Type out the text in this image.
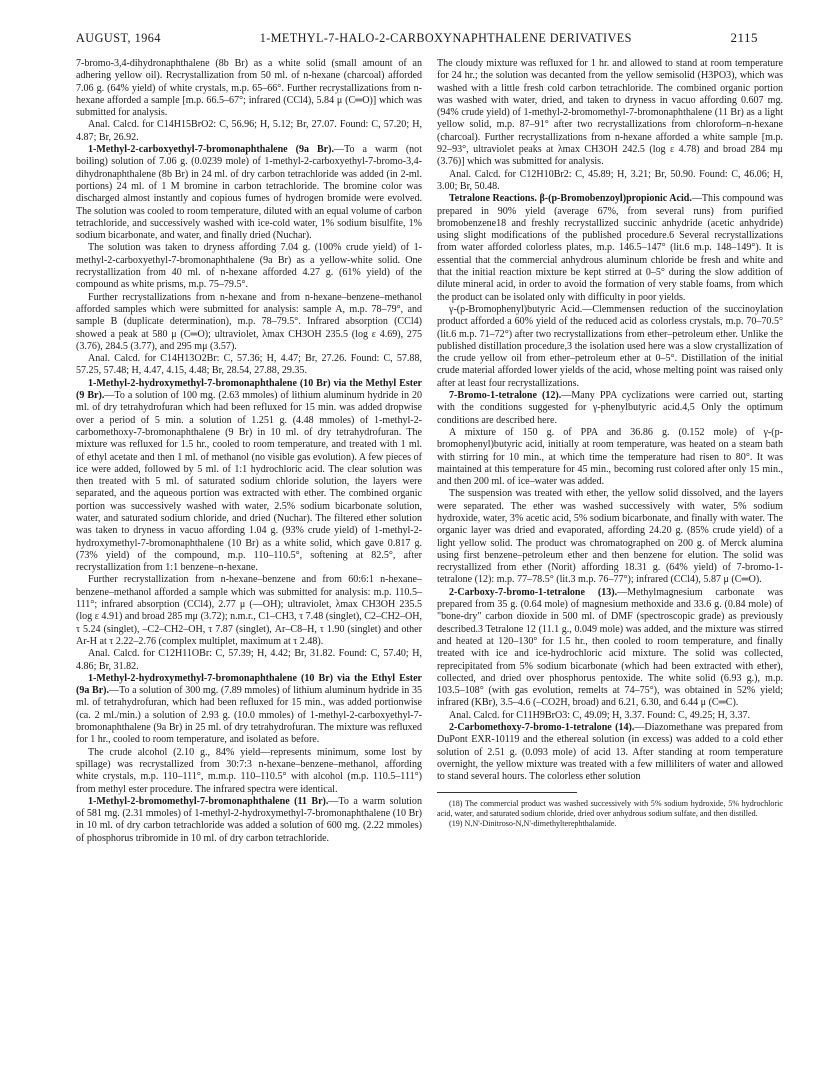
AUGUST, 1964	1-METHYL-7-HALO-2-CARBOXYNAPHTHALENE DERIVATIVES	2115

7-bromo-3,4-dihydronaphthalene (8b Br) as a white solid (small amount of an adhering yellow oil). Recrystallization from 50 ml. of n-hexane (charcoal) afforded 7.06 g. (64% yield) of white crystals, m.p. 65–66°. Further recrystallizations from n-hexane afforded a sample [m.p. 66.5–67°; infrared (CCl4), 5.84 μ (C═O)] which was submitted for analysis.

Anal. Calcd. for C14H15BrO2: C, 56.96; H, 5.12; Br, 27.07. Found: C, 57.20; H, 4.87; Br, 26.92.

1-Methyl-2-carboxyethyl-7-bromonaphthalene (9a Br).—To a warm (not boiling) solution of 7.06 g. (0.0239 mole) of 1-methyl-2-carboxyethyl-7-bromo-3,4-dihydronaphthalene (8b Br) in 24 ml. of dry carbon tetrachloride was added (in 2-ml. portions) 24 ml. of 1 M bromine in carbon tetrachloride. The bromine color was discharged almost instantly and copious fumes of hydrogen bromide were evolved. The solution was cooled to room temperature, diluted with an equal volume of carbon tetrachloride, and successively washed with ice-cold water, 1% sodium bisulfite, 1% sodium bicarbonate, and water, and finally dried (Nuchar).

The solution was taken to dryness affording 7.04 g. (100% crude yield) of 1-methyl-2-carboxyethyl-7-bromonaphthalene (9a Br) as a yellow-white solid. One recrystallization from 40 ml. of n-hexane afforded 4.27 g. (61% yield) of the compound as white prisms, m.p. 75–79.5°.

Further recrystallizations from n-hexane and from n-hexane–benzene–methanol afforded samples which were submitted for analysis: sample A, m.p. 78–79°, and sample B (duplicate determination), m.p. 78–79.5°. Infrared absorption (CCl4) showed a peak at 580 μ (C═O); ultraviolet, λmax CH3OH 235.5 (log ε 4.69), 275 (3.76), 284.5 (3.77), and 295 mμ (3.57).

Anal. Calcd. for C14H13O2Br: C, 57.36; H, 4.47; Br, 27.26. Found: C, 57.88, 57.25, 57.48; H, 4.47, 4.15, 4.48; Br, 28.54, 27.88, 29.35.

1-Methyl-2-hydroxymethyl-7-bromonaphthalene (10 Br) via the Methyl Ester (9 Br).—To a solution of 100 mg. (2.63 mmoles) of lithium aluminum hydride in 20 ml. of dry tetrahydrofuran which had been refluxed for 15 min. was added dropwise over a period of 5 min. a solution of 1.251 g. (4.48 mmoles) of 1-methyl-2-carbomethoxy-7-bromonaphthalene (9 Br) in 10 ml. of dry tetrahydrofuran. The mixture was refluxed for 1.5 hr., cooled to room temperature, and treated with 1 ml. of ethyl acetate and then 1 ml. of methanol (no visible gas evolution). A few pieces of ice were added, followed by 5 ml. of 1:1 hydrochloric acid. The clear solution was then treated with 5 ml. of saturated sodium chloride solution, the layers were separated, and the aqueous portion was extracted with ether. The combined organic portion was successively washed with water, 2.5% sodium bicarbonate solution, water, and saturated sodium chloride, and dried (Nuchar). The filtered ether solution was taken to dryness in vacuo affording 1.04 g. (93% crude yield) of 1-methyl-2-hydroxymethyl-7-bromonaphthalene (10 Br) as a white solid, which gave 0.817 g. (73% yield) of the compound, m.p. 110–110.5°, softening at 82.5°, after recrystallization from 1:1 benzene–n-hexane.

Further recrystallization from n-hexane–benzene and from 60:6:1 n-hexane–benzene–methanol afforded a sample which was submitted for analysis: m.p. 110.5–111°; infrared absorption (CCl4), 2.77 μ (—OH); ultraviolet, λmax CH3OH 235.5 (log ε 4.91) and broad 285 mμ (3.72); n.m.r., C1–CH3, τ 7.48 (singlet), C2–CH2–OH, τ 5.24 (singlet), –C2–CH2–OH, τ 7.87 (singlet), Ar–C8–H, τ 1.90 (singlet) and other Ar-H at τ 2.22–2.76 (complex multiplet, maximum at τ 2.48).

Anal. Calcd. for C12H11OBr: C, 57.39; H, 4.42; Br, 31.82. Found: C, 57.40; H, 4.86; Br, 31.82.

1-Methyl-2-hydroxymethyl-7-bromonaphthalene (10 Br) via the Ethyl Ester (9a Br).—To a solution of 300 mg. (7.89 mmoles) of lithium aluminum hydride in 35 ml. of tetrahydrofuran, which had been refluxed for 15 min., was added portionwise (ca. 2 ml./min.) a solution of 2.93 g. (10.0 mmoles) of 1-methyl-2-carboxyethyl-7-bromonaphthalene (9a Br) in 25 ml. of dry tetrahydrofuran. The mixture was refluxed for 1 hr., cooled to room temperature, and isolated as before.

The crude alcohol (2.10 g., 84% yield—represents minimum, some lost by spillage) was recrystallized from 30:7:3 n-hexane–benzene–methanol, affording white crystals, m.p. 110–111°, m.m.p. 110–110.5° with alcohol (m.p. 110.5–111°) from methyl ester procedure. The infrared spectra were identical.

1-Methyl-2-bromomethyl-7-bromonaphthalene (11 Br).—To a warm solution of 581 mg. (2.31 mmoles) of 1-methyl-2-hydroxymethyl-7-bromonaphthalene (10 Br) in 10 ml. of dry carbon tetrachloride was added a solution of 600 mg. (2.22 mmoles) of phosphorus tribromide in 10 ml. of dry carbon tetrachloride.

The cloudy mixture was refluxed for 1 hr. and allowed to stand at room temperature for 24 hr.; the solution was decanted from the yellow semisolid (H3PO3), which was washed with a little fresh cold carbon tetrachloride. The combined organic portion was washed with water, dried, and taken to dryness in vacuo affording 0.607 mg. (94% crude yield) of 1-methyl-2-bromomethyl-7-bromonaphthalene (11 Br) as a light yellow solid, m.p. 87–91° after two recrystallizations from chloroform–n-hexane (charcoal). Further recrystallizations from n-hexane afforded a white sample [m.p. 92–93°, ultraviolet peaks at λmax CH3OH 242.5 (log ε 4.78) and broad 284 mμ (3.76)] which was submitted for analysis.

Anal. Calcd. for C12H10Br2: C, 45.89; H, 3.21; Br, 50.90. Found: C, 46.06; H, 3.00; Br, 50.48.

Tetralone Reactions. β-(p-Bromobenzoyl)propionic Acid.—This compound was prepared in 90% yield (average 67%, from several runs) from purified bromobenzene18 and freshly recrystallized succinic anhydride (acetic anhydride) using slight modifications of the published procedure.6 Several recrystallizations from water afforded colorless plates, m.p. 146.5–147° (lit.6 m.p. 148–149°). It is essential that the commercial anhydrous aluminum chloride be fresh and white and that the initial reaction mixture be kept stirred at 0–5° during the slow addition of dilute mineral acid, in order to avoid the formation of very stable foams, from which the product can be isolated only with difficulty in poor yields.

γ-(p-Bromophenyl)butyric Acid.—Clemmensen reduction of the succinoylation product afforded a 60% yield of the reduced acid as colorless crystals, m.p. 70–70.5° (lit.6 m.p. 71–72°) after two recrystallizations from ether–petroleum ether. Unlike the published distillation procedure,3 the isolation used here was a slow crystallization of the crude yellow oil from ether–petroleum ether at 0–5°. Distillation of the initial crude material afforded lower yields of the acid, whose melting point was raised only after at least four recrystallizations.

7-Bromo-1-tetralone (12).—Many PPA cyclizations were carried out, starting with the conditions suggested for γ-phenylbutyric acid.4,5 Only the optimum conditions are described here.

A mixture of 150 g. of PPA and 36.86 g. (0.152 mole) of γ-(p-bromophenyl)butyric acid, initially at room temperature, was heated on a steam bath with stirring for 10 min., at which time the temperature had risen to 80°. It was maintained at this temperature for 45 min., becoming rust colored after only 15 min., and then 200 ml. of ice–water was added.

The suspension was treated with ether, the yellow solid dissolved, and the layers were separated. The ether was washed successively with water, 5% sodium hydroxide, water, 3% acetic acid, 5% sodium bicarbonate, and finally with water. The organic layer was dried and evaporated, affording 24.20 g. (85% crude yield) of a light yellow solid. The product was chromatographed on 200 g. of Merck alumina using first benzene–petroleum ether and then benzene for elution. The solid was recrystallized from ether (Norit) affording 18.31 g. (64% yield) of 7-bromo-1-tetralone (12): m.p. 77–78.5° (lit.3 m.p. 76–77°); infrared (CCl4), 5.87 μ (C═O).

2-Carboxy-7-bromo-1-tetralone (13).—Methylmagnesium carbonate was prepared from 35 g. (0.64 mole) of magnesium methoxide and 33.6 g. (0.84 mole) of "bone-dry" carbon dioxide in 500 ml. of DMF (spectroscopic grade) as previously described.3 Tetralone 12 (11.1 g., 0.049 mole) was added, and the mixture was stirred and heated at 120–130° for 1.5 hr., then cooled to room temperature, and finally treated with ice and ice-hydrochloric acid mixture. The solid was collected, reprecipitated from 5% sodium bicarbonate (which had been extracted with ether), collected, and dried over phosphorus pentoxide. The white solid (6.93 g.), m.p. 103.5–108° (with gas evolution, remelts at 74–75°), was obtained in 52% yield; infrared (KBr), 3.5–4.6 (–CO2H, broad) and 6.21, 6.30, and 6.44 μ (C═C).

Anal. Calcd. for C11H9BrO3: C, 49.09; H, 3.37. Found: C, 49.25; H, 3.37.

2-Carbomethoxy-7-bromo-1-tetralone (14).—Diazomethane was prepared from DuPont EXR-10119 and the ethereal solution (in excess) was added to a cold ether solution of 2.51 g. (0.093 mole) of acid 13. After standing at room temperature overnight, the yellow mixture was treated with a few milliliters of water and allowed to stand several hours. The colorless ether solution

(18) The commercial product was washed successively with 5% sodium hydroxide, 5% hydrochloric acid, water, and saturated sodium chloride, dried over anhydrous sodium sulfate, and then distilled.

(19) N,N'-Dinitroso-N,N'-dimethylterephthalamide.
